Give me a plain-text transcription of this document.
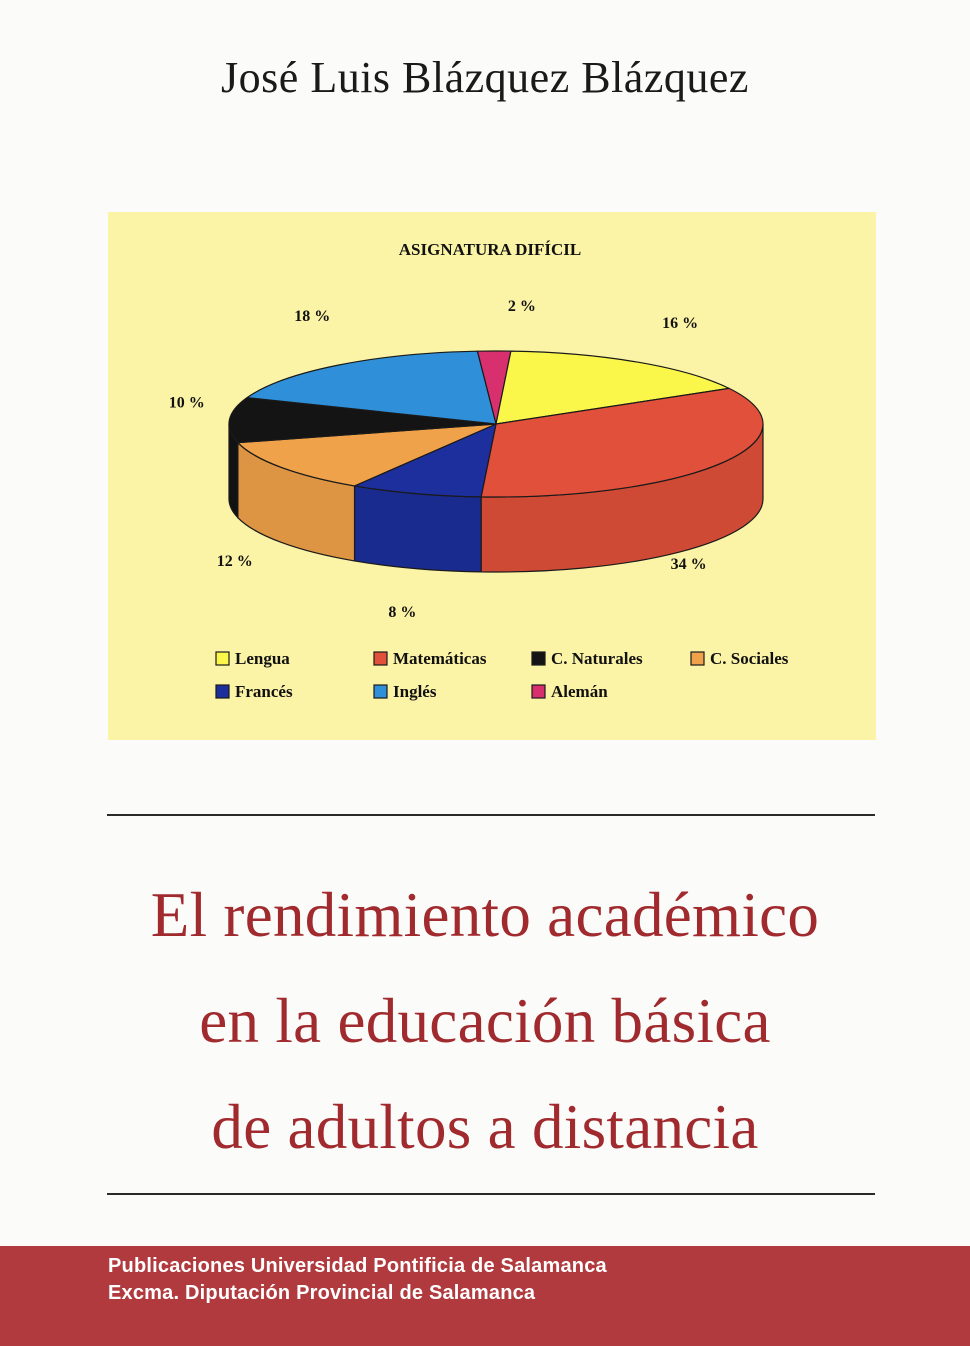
José Luis Blázquez Blázquez
ASIGNATURA DIFÍCIL
2 %
16 %
34 %
8 %
12 %
10 %
18 %
Lengua	Matemáticas	C. Naturales	C. Sociales
Francés	Inglés	Alemán
El rendimiento académico
en la educación básica
de adultos a distancia
Publicaciones Universidad Pontificia de Salamanca
Excma. Diputación Provincial de Salamanca
